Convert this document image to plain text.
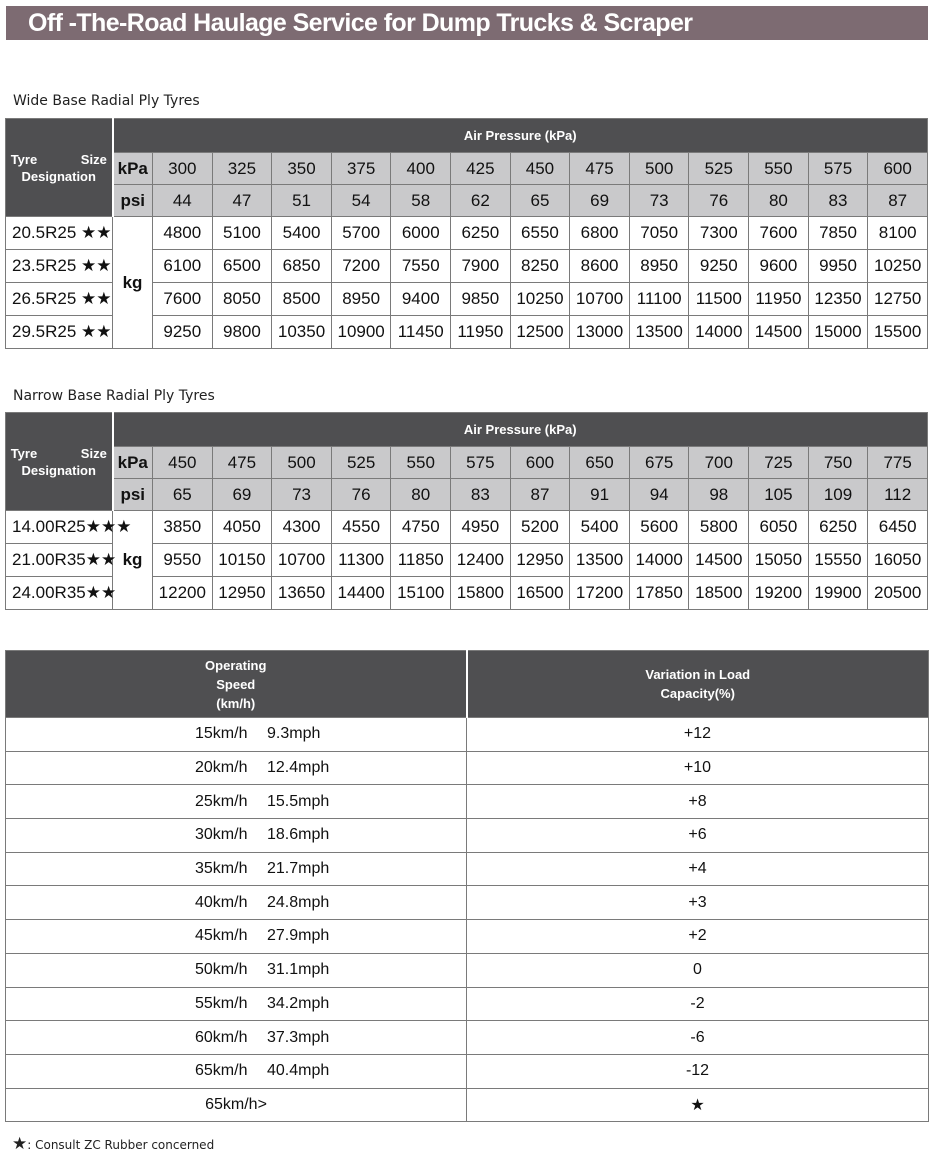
Off -The-Road Haulage Service for Dump Trucks & Scraper
Wide Base Radial Ply Tyres
Tyre Size Designation	Air Pressure (kPa)													
	kPa	300	325	350	375	400	425	450	475	500	525	550	575	600
	psi	44	47	51	54	58	62	65	69	73	76	80	83	87
20.5R25 ★★	kg	4800	5100	5400	5700	6000	6250	6550	6800	7050	7300	7600	7850	8100
23.5R25 ★★		6100	6500	6850	7200	7550	7900	8250	8600	8950	9250	9600	9950	10250
26.5R25 ★★		7600	8050	8500	8950	9400	9850	10250	10700	11100	11500	11950	12350	12750
29.5R25 ★★		9250	9800	10350	10900	11450	11950	12500	13000	13500	14000	14500	15000	15500
Narrow Base Radial Ply Tyres
Tyre Size Designation	Air Pressure (kPa)													
	kPa	450	475	500	525	550	575	600	650	675	700	725	750	775
	psi	65	69	73	76	80	83	87	91	94	98	105	109	112
14.00R25★★★	kg	3850	4050	4300	4550	4750	4950	5200	5400	5600	5800	6050	6250	6450
21.00R35★★		9550	10150	10700	11300	11850	12400	12950	13500	14000	14500	15050	15550	16050
24.00R35★★		12200	12950	13650	14400	15100	15800	16500	17200	17850	18500	19200	19900	20500
Operating Speed (km/h)	Variation in Load Capacity(%)
15km/h 9.3mph	+12
20km/h 12.4mph	+10
25km/h 15.5mph	+8
30km/h 18.6mph	+6
35km/h 21.7mph	+4
40km/h 24.8mph	+3
45km/h 27.9mph	+2
50km/h 31.1mph	0
55km/h 34.2mph	-2
60km/h 37.3mph	-6
65km/h 40.4mph	-12
65km/h>	★
★: Consult ZC Rubber concerned
